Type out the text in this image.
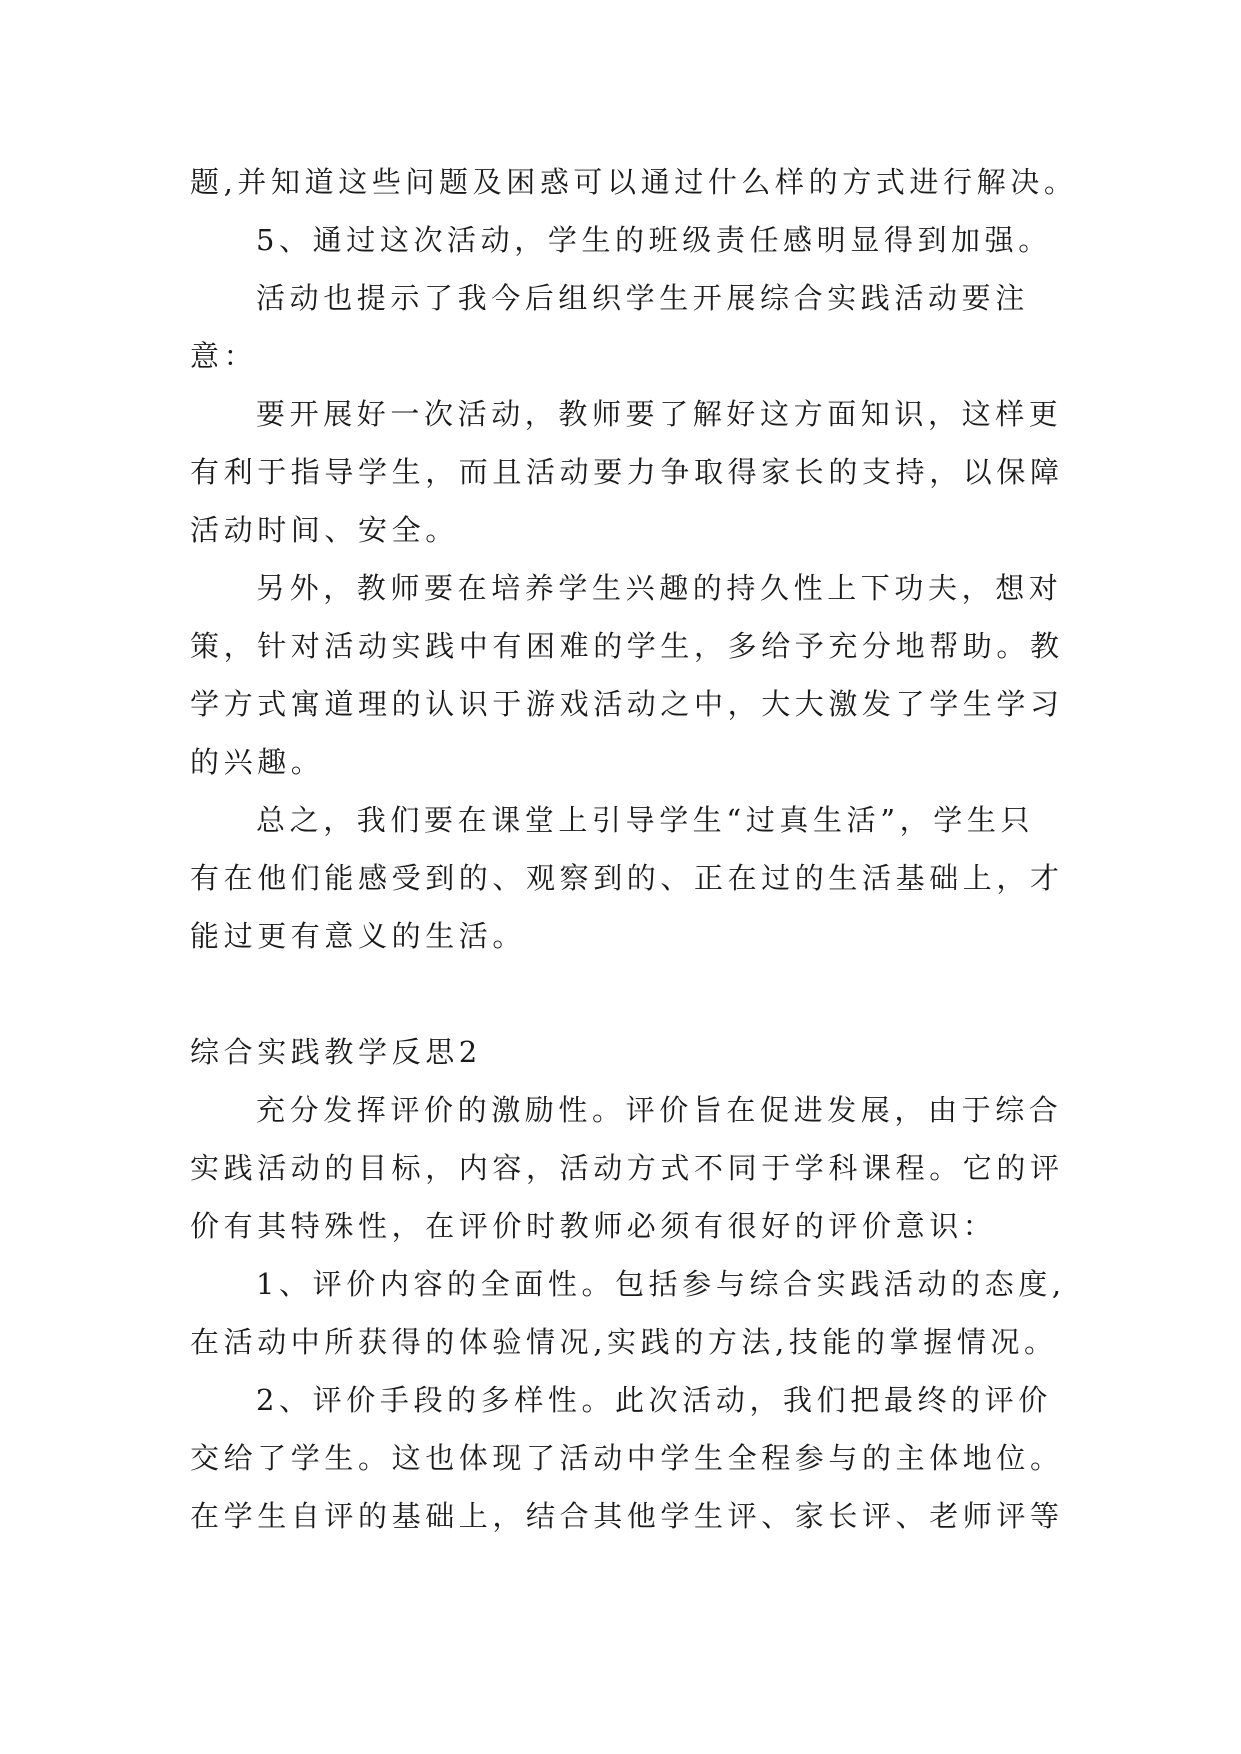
题,并知道这些问题及困惑可以通过什么样的方式进行解决。
5、通过这次活动，学生的班级责任感明显得到加强。
活动也提示了我今后组织学生开展综合实践活动要注
意：
要开展好一次活动，教师要了解好这方面知识，这样更
有利于指导学生，而且活动要力争取得家长的支持，以保障
活动时间、安全。
另外，教师要在培养学生兴趣的持久性上下功夫，想对
策，针对活动实践中有困难的学生，多给予充分地帮助。教
学方式寓道理的认识于游戏活动之中，大大激发了学生学习
的兴趣。
总之，我们要在课堂上引导学生“过真生活”，学生只
有在他们能感受到的、观察到的、正在过的生活基础上，才
能过更有意义的生活。
综合实践教学反思2
充分发挥评价的激励性。评价旨在促进发展，由于综合
实践活动的目标，内容，活动方式不同于学科课程。它的评
价有其特殊性，在评价时教师必须有很好的评价意识：
1、评价内容的全面性。包括参与综合实践活动的态度,
在活动中所获得的体验情况,实践的方法,技能的掌握情况。
2、评价手段的多样性。此次活动，我们把最终的评价
交给了学生。这也体现了活动中学生全程参与的主体地位。
在学生自评的基础上，结合其他学生评、家长评、老师评等
